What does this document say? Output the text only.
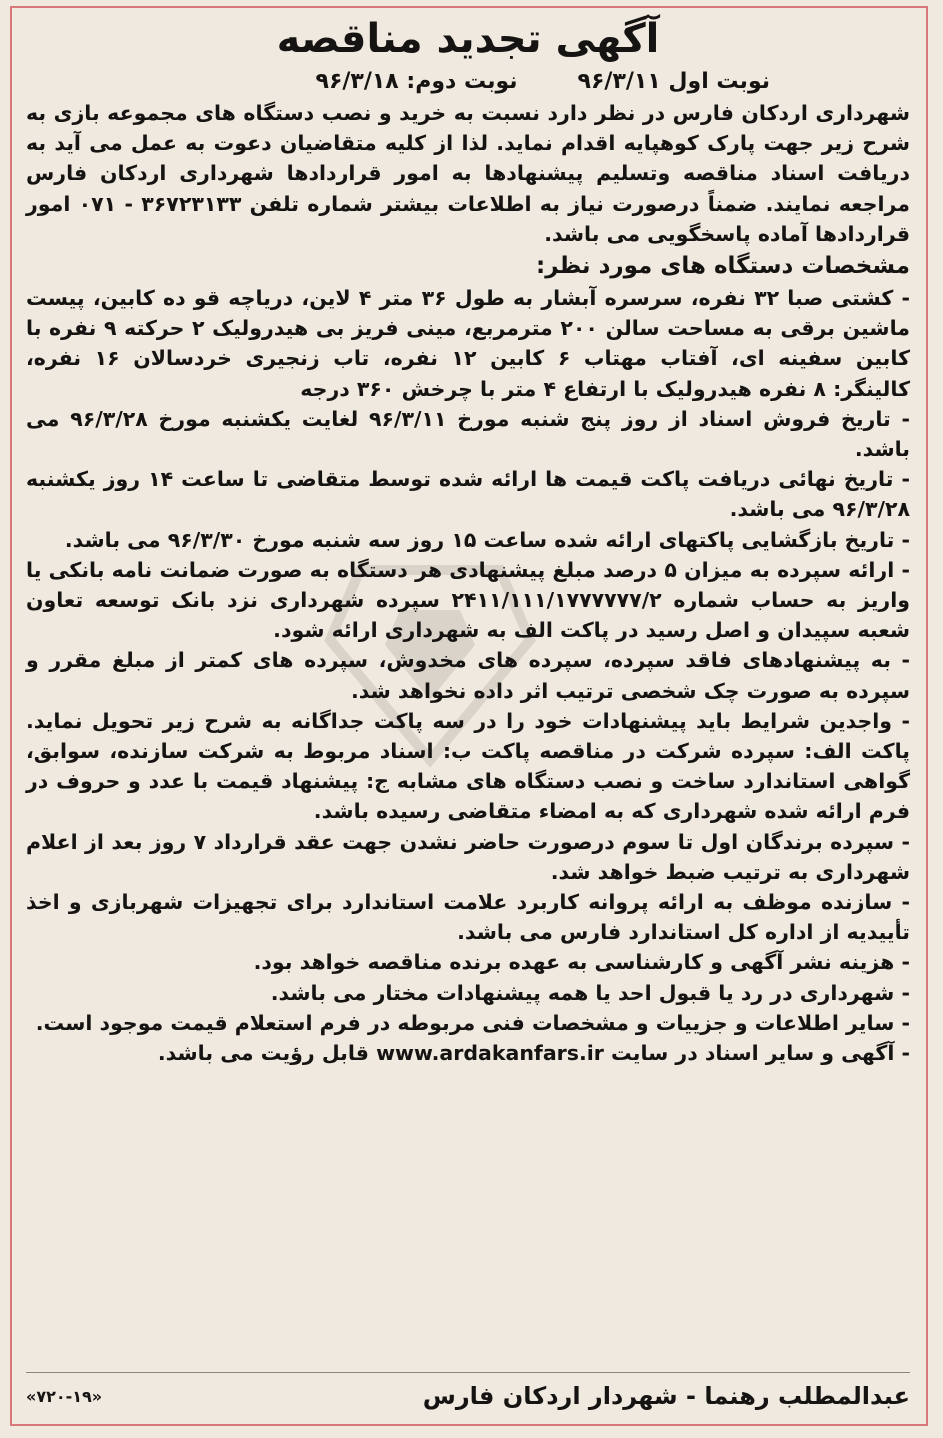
آگهی تجدید مناقصه
نوبت اول ۹۶/۳/۱۱
نوبت دوم: ۹۶/۳/۱۸

شهرداری اردکان فارس در نظر دارد نسبت به خرید و نصب دستگاه های مجموعه بازی به شرح زیر جهت پارک کوهپایه اقدام نماید. لذا از کلیه متقاضیان دعوت به عمل می آید به دریافت اسناد مناقصه وتسلیم پیشنهادها به امور قراردادها شهرداری اردکان فارس مراجعه نمایند. ضمناً درصورت نیاز به اطلاعات بیشتر شماره تلفن ۳۶۷۲۳۱۳۳ - ۰۷۱ امور قراردادها آماده پاسخگویی می باشد.

مشخصات دستگاه های مورد نظر:
- کشتی صبا ۳۲ نفره، سرسره آبشار به طول ۳۶ متر ۴ لاین، دریاچه قو ده کابین، پیست ماشین برقی به مساحت سالن ۲۰۰ مترمربع، مینی فریز بی هیدرولیک ۲ حرکته ۹ نفره با کابین سفینه ای، آفتاب مهتاب ۶ کابین ۱۲ نفره، تاب زنجیری خردسالان ۱۶ نفره، کالینگر: ۸ نفره هیدرولیک با ارتفاع ۴ متر با چرخش ۳۶۰ درجه
- تاریخ فروش اسناد از روز پنج شنبه مورخ ۹۶/۳/۱۱ لغایت یکشنبه مورخ ۹۶/۳/۲۸ می باشد.
- تاریخ نهائی دریافت پاکت قیمت ها ارائه شده توسط متقاضی تا ساعت ۱۴ روز یکشنبه ۹۶/۳/۲۸ می باشد.
- تاریخ بازگشایی پاکتهای ارائه شده ساعت ۱۵ روز سه شنبه مورخ ۹۶/۳/۳۰ می باشد.
- ارائه سپرده به میزان ۵ درصد مبلغ پیشنهادی هر دستگاه به صورت ضمانت نامه بانکی یا واریز به حساب شماره ۲۴۱۱/۱۱۱/۱۷۷۷۷۷۷/۲ سپرده شهرداری نزد بانک توسعه تعاون شعبه سپیدان و اصل رسید در پاکت الف به شهرداری ارائه شود.
- به پیشنهادهای فاقد سپرده، سپرده های مخدوش، سپرده های کمتر از مبلغ مقرر و سپرده به صورت چک شخصی ترتیب اثر داده نخواهد شد.
- واجدین شرایط باید پیشنهادات خود را در سه پاکت جداگانه به شرح زیر تحویل نماید. پاکت الف: سپرده شرکت در مناقصه پاکت ب: اسناد مربوط به شرکت سازنده، سوابق، گواهی استاندارد ساخت و نصب دستگاه های مشابه ج: پیشنهاد قیمت با عدد و حروف در فرم ارائه شده شهرداری که به امضاء متقاضی رسیده باشد.
- سپرده برندگان اول تا سوم درصورت حاضر نشدن جهت عقد قرارداد ۷ روز بعد از اعلام شهرداری به ترتیب ضبط خواهد شد.
- سازنده موظف به ارائه پروانه کاربرد علامت استاندارد برای تجهیزات شهربازی و اخذ تأییدیه از اداره کل استاندارد فارس می باشد.
- هزینه نشر آگهی و کارشناسی به عهده برنده مناقصه خواهد بود.
- شهرداری در رد یا قبول احد یا همه پیشنهادات مختار می باشد.
- سایر اطلاعات و جزییات و مشخصات فنی مربوطه در فرم استعلام قیمت موجود است.
- آگهی و سایر اسناد در سایت www.ardakanfars.ir قابل رؤیت می باشد.
عبدالمطلب رهنما - شهردار اردکان فارس
«۷۲۰-۱۹»
